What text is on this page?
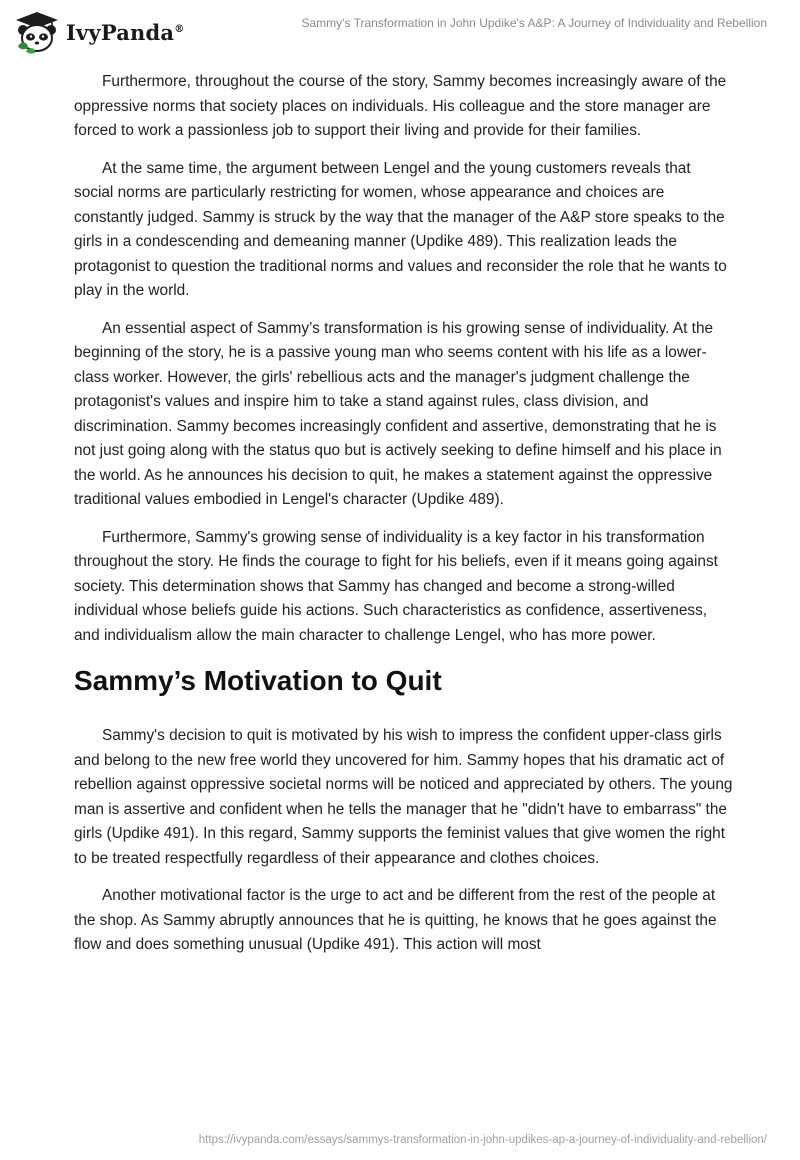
IvyPanda®	Sammy's Transformation in John Updike's A&P: A Journey of Individuality and Rebellion

Furthermore, throughout the course of the story, Sammy becomes increasingly aware of the oppressive norms that society places on individuals. His colleague and the store manager are forced to work a passionless job to support their living and provide for their families.

At the same time, the argument between Lengel and the young customers reveals that social norms are particularly restricting for women, whose appearance and choices are constantly judged. Sammy is struck by the way that the manager of the A&P store speaks to the girls in a condescending and demeaning manner (Updike 489). This realization leads the protagonist to question the traditional norms and values and reconsider the role that he wants to play in the world.

An essential aspect of Sammy’s transformation is his growing sense of individuality. At the beginning of the story, he is a passive young man who seems content with his life as a lower-class worker. However, the girls' rebellious acts and the manager's judgment challenge the protagonist's values and inspire him to take a stand against rules, class division, and discrimination. Sammy becomes increasingly confident and assertive, demonstrating that he is not just going along with the status quo but is actively seeking to define himself and his place in the world. As he announces his decision to quit, he makes a statement against the oppressive traditional values embodied in Lengel's character (Updike 489).

Furthermore, Sammy's growing sense of individuality is a key factor in his transformation throughout the story. He finds the courage to fight for his beliefs, even if it means going against society. This determination shows that Sammy has changed and become a strong-willed individual whose beliefs guide his actions. Such characteristics as confidence, assertiveness, and individualism allow the main character to challenge Lengel, who has more power.

Sammy’s Motivation to Quit

Sammy's decision to quit is motivated by his wish to impress the confident upper-class girls and belong to the new free world they uncovered for him. Sammy hopes that his dramatic act of rebellion against oppressive societal norms will be noticed and appreciated by others. The young man is assertive and confident when he tells the manager that he "didn't have to embarrass" the girls (Updike 491). In this regard, Sammy supports the feminist values that give women the right to be treated respectfully regardless of their appearance and clothes choices.

Another motivational factor is the urge to act and be different from the rest of the people at the shop. As Sammy abruptly announces that he is quitting, he knows that he goes against the flow and does something unusual (Updike 491). This action will most

https://ivypanda.com/essays/sammys-transformation-in-john-updikes-ap-a-journey-of-individuality-and-rebellion/
